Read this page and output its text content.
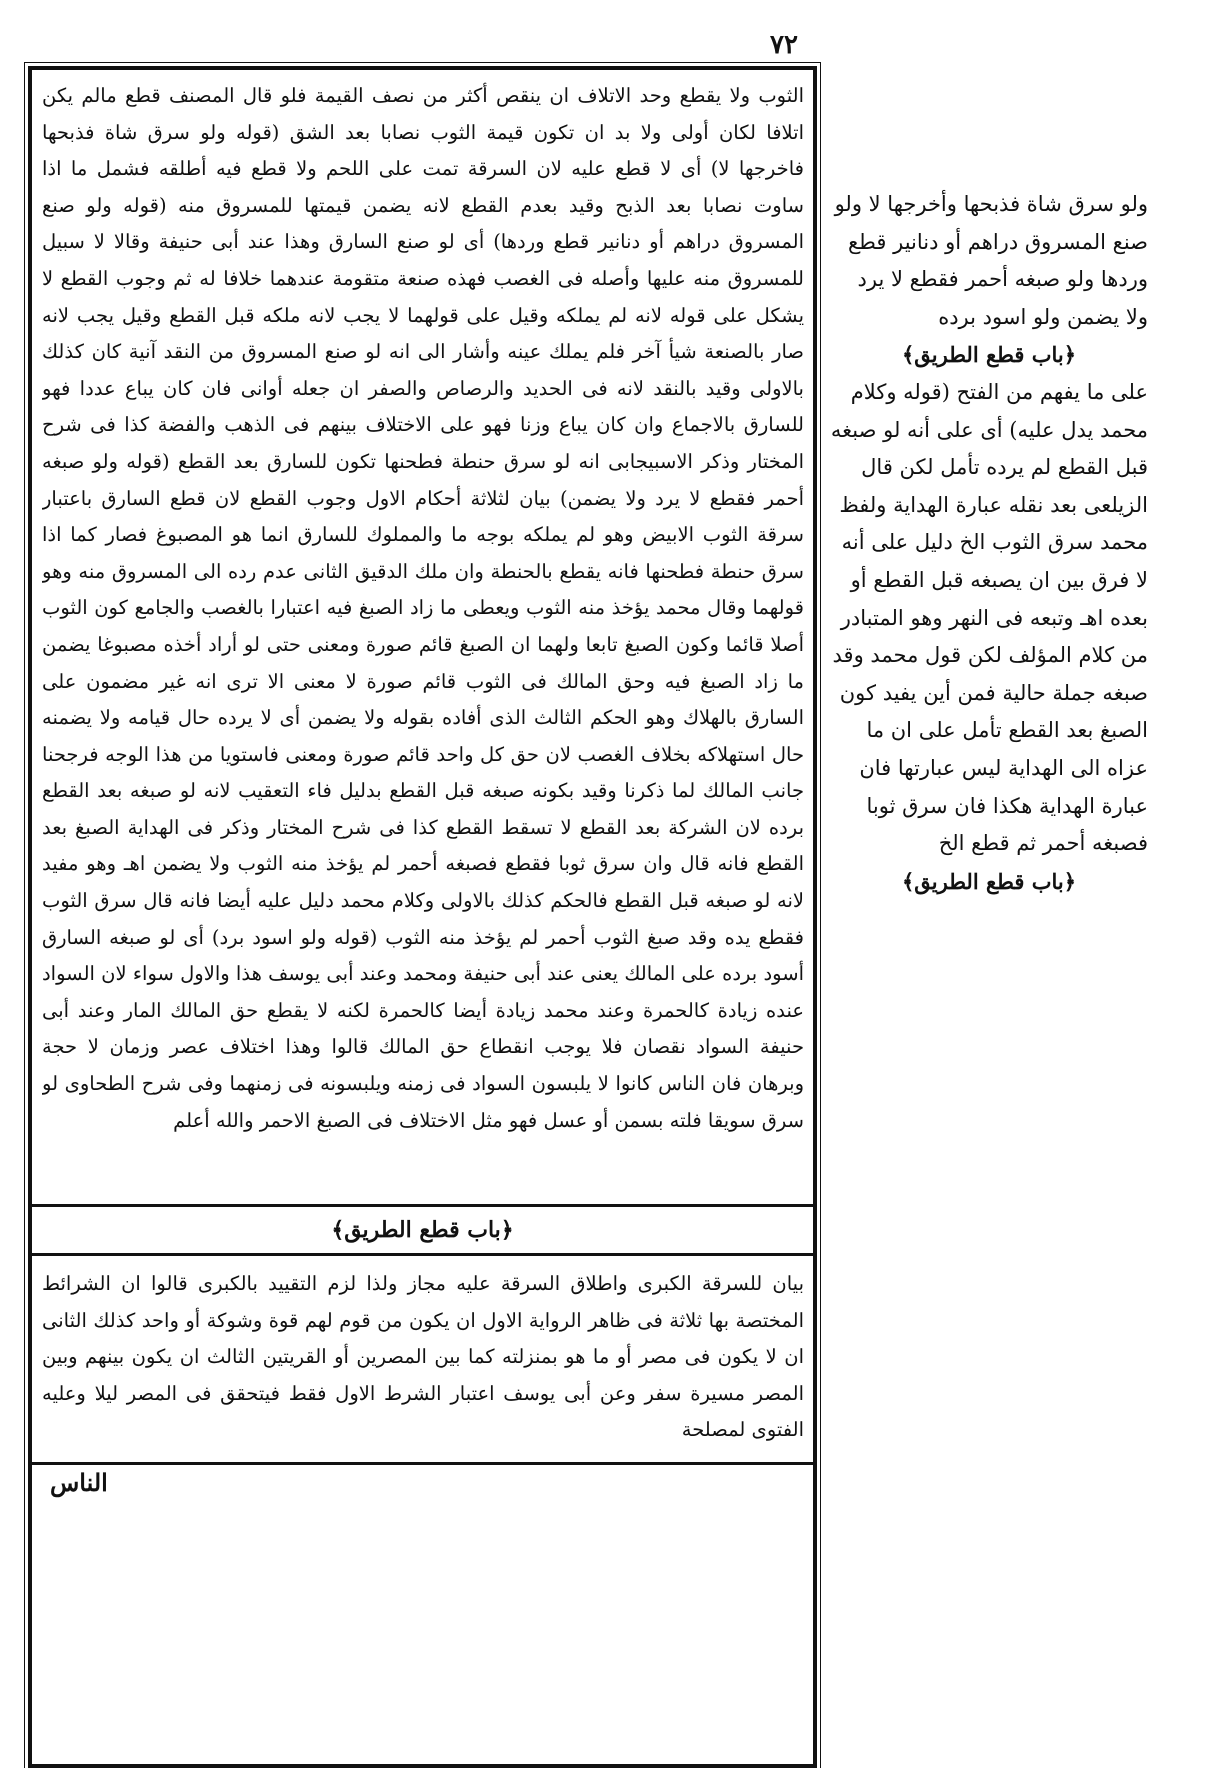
٧٢

الثوب ولا يقطع وحد الاتلاف ان ينقص أكثر من نصف القيمة فلو قال المصنف قطع مالم يكن اتلافا لكان أولى ولا بد ان تكون قيمة الثوب نصابا بعد الشق (قوله ولو سرق شاة فذبحها فاخرجها لا) أى لا قطع عليه لان السرقة تمت على اللحم ولا قطع فيه أطلقه فشمل ما اذا ساوت نصابا بعد الذبح وقيد بعدم القطع لانه يضمن قيمتها للمسروق منه (قوله ولو صنع المسروق دراهم أو دنانير قطع وردها) أى لو صنع السارق وهذا عند أبى حنيفة وقالا لا سبيل للمسروق منه عليها وأصله فى الغصب فهذه صنعة متقومة عندهما خلافا له ثم وجوب القطع لا يشكل على قوله لانه لم يملكه وقيل على قولهما لا يجب لانه ملكه قبل القطع وقيل يجب لانه صار بالصنعة شيأ آخر فلم يملك عينه وأشار الى انه لو صنع المسروق من النقد آنية كان كذلك بالاولى وقيد بالنقد لانه فى الحديد والرصاص والصفر ان جعله أوانى فان كان يباع عددا فهو للسارق بالاجماع وان كان يباع وزنا فهو على الاختلاف بينهم فى الذهب والفضة كذا فى شرح المختار وذكر الاسبيجابى انه لو سرق حنطة فطحنها تكون للسارق بعد القطع (قوله ولو صبغه أحمر فقطع لا يرد ولا يضمن) بيان لثلاثة أحكام الاول وجوب القطع لان قطع السارق باعتبار سرقة الثوب الابيض وهو لم يملكه بوجه ما والمملوك للسارق انما هو المصبوغ فصار كما اذا سرق حنطة فطحنها فانه يقطع بالحنطة وان ملك الدقيق الثانى عدم رده الى المسروق منه وهو قولهما وقال محمد يؤخذ منه الثوب ويعطى ما زاد الصبغ فيه اعتبارا بالغصب والجامع كون الثوب أصلا قائما وكون الصبغ تابعا ولهما ان الصبغ قائم صورة ومعنى حتى لو أراد أخذه مصبوغا يضمن ما زاد الصبغ فيه وحق المالك فى الثوب قائم صورة لا معنى الا ترى انه غير مضمون على السارق بالهلاك وهو الحكم الثالث الذى أفاده بقوله ولا يضمن أى لا يرده حال قيامه ولا يضمنه حال استهلاكه بخلاف الغصب لان حق كل واحد قائم صورة ومعنى فاستويا من هذا الوجه فرجحنا جانب المالك لما ذكرنا وقيد بكونه صبغه قبل القطع بدليل فاء التعقيب لانه لو صبغه بعد القطع برده لان الشركة بعد القطع لا تسقط القطع كذا فى شرح المختار وذكر فى الهداية الصبغ بعد القطع فانه قال وان سرق ثوبا فقطع فصبغه أحمر لم يؤخذ منه الثوب ولا يضمن اهـ وهو مفيد لانه لو صبغه قبل القطع فالحكم كذلك بالاولى وكلام محمد دليل عليه أيضا فانه قال سرق الثوب فقطع يده وقد صبغ الثوب أحمر لم يؤخذ منه الثوب (قوله ولو اسود برد) أى لو صبغه السارق أسود برده على المالك يعنى عند أبى حنيفة ومحمد وعند أبى يوسف هذا والاول سواء لان السواد عنده زيادة كالحمرة وعند محمد زيادة أيضا كالحمرة لكنه لا يقطع حق المالك المار وعند أبى حنيفة السواد نقصان فلا يوجب انقطاع حق المالك قالوا وهذا اختلاف عصر وزمان لا حجة وبرهان فان الناس كانوا لا يلبسون السواد فى زمنه ويلبسونه فى زمنهما وفى شرح الطحاوى لو سرق سويقا فلته بسمن أو عسل فهو مثل الاختلاف فى الصبغ الاحمر والله أعلم

﴿باب قطع الطريق﴾
بيان للسرقة الكبرى واطلاق السرقة عليه مجاز ولذا لزم التقييد بالكبرى قالوا ان الشرائط المختصة بها ثلاثة فى ظاهر الرواية الاول ان يكون من قوم لهم قوة وشوكة أو واحد كذلك الثانى ان لا يكون فى مصر أو ما هو بمنزلته كما بين المصرين أو القريتين الثالث ان يكون بينهم وبين المصر مسيرة سفر وعن أبى يوسف اعتبار الشرط الاول فقط فيتحقق فى المصر ليلا وعليه الفتوى لمصلحة
الناس

ولو سرق شاة فذبحها وأخرجها لا ولو صنع المسروق دراهم أو دنانير قطع وردها ولو صبغه أحمر فقطع لا يرد ولا يضمن ولو اسود برده

﴿باب قطع الطريق﴾

على ما يفهم من الفتح (قوله وكلام محمد يدل عليه) أى على أنه لو صبغه قبل القطع لم يرده تأمل لكن قال الزيلعى بعد نقله عبارة الهداية ولفظ محمد سرق الثوب الخ دليل على أنه لا فرق بين ان يصبغه قبل القطع أو بعده اهـ وتبعه فى النهر وهو المتبادر من كلام المؤلف لكن قول محمد وقد صبغه جملة حالية فمن أين يفيد كون الصبغ بعد القطع تأمل على ان ما عزاه الى الهداية ليس عبارتها فان عبارة الهداية هكذا فان سرق ثوبا فصبغه أحمر ثم قطع الخ

﴿باب قطع الطريق﴾
